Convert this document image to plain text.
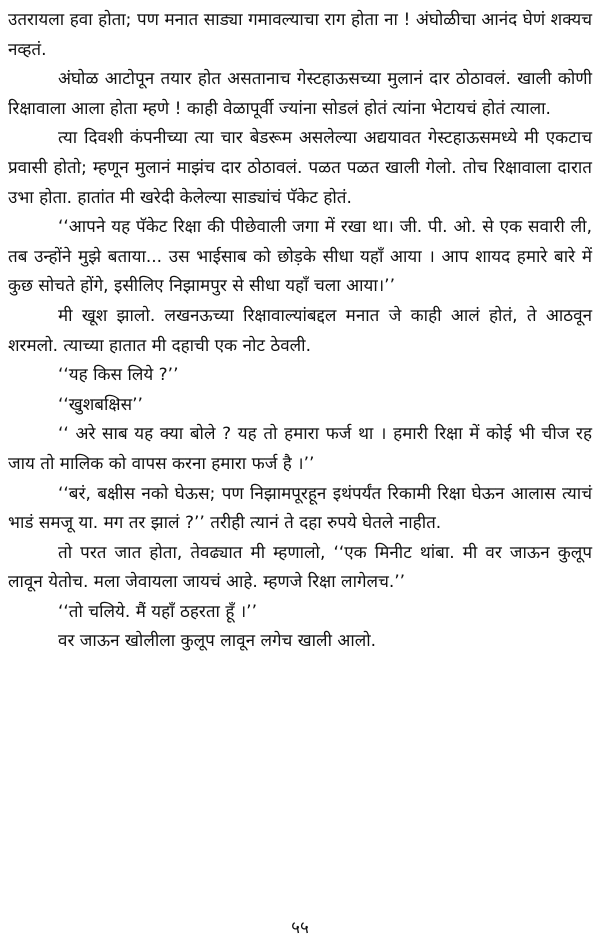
उतरायला हवा होता; पण मनात साड्या गमावल्याचा राग होता ना ! अंघोळीचा आनंद घेणं शक्यच नव्हतं.

अंघोळ आटोपून तयार होत असतानाच गेस्टहाऊसच्या मुलानं दार ठोठावलं. खाली कोणी रिक्षावाला आला होता म्हणे ! काही वेळापूर्वी ज्यांना सोडलं होतं त्यांना भेटायचं होतं त्याला.

त्या दिवशी कंपनीच्या त्या चार बेडरूम असलेल्या अद्ययावत गेस्टहाऊसमध्ये मी एकटाच प्रवासी होतो; म्हणून मुलानं माझंच दार ठोठावलं. पळत पळत खाली गेलो. तोच रिक्षावाला दारात उभा होता. हातांत मी खरेदी केलेल्या साड्यांचं पॅकेट होतं.

‘‘आपने यह पॅकेट रिक्षा की पीछेवाली जगा में रखा था। जी. पी. ओ. से एक सवारी ली, तब उन्होंने मुझे बताया... उस भाईसाब को छोड़के सीधा यहाँ आया । आप शायद हमारे बारे में कुछ सोचते होंगे, इसीलिए निझामपुर से सीधा यहाँ चला आया।’’

मी खूश झालो. लखनऊच्या रिक्षावाल्यांबद्दल मनात जे काही आलं होतं, ते आठवून शरमलो. त्याच्या हातात मी दहाची एक नोट ठेवली.

‘‘यह किस लिये ?’’

‘‘खुशबक्षिस’’

‘‘ अरे साब यह क्या बोले ? यह तो हमारा फर्ज था । हमारी रिक्षा में कोई भी चीज रह जाय तो मालिक को वापस करना हमारा फर्ज है ।’’

‘‘बरं, बक्षीस नको घेऊस; पण निझामपूरहून इथंपर्यंत रिकामी रिक्षा घेऊन आलास त्याचं भाडं समजू या. मग तर झालं ?’’ तरीही त्यानं ते दहा रुपये घेतले नाहीत.

तो परत जात होता, तेवढ्यात मी म्हणालो, ‘‘एक मिनीट थांबा. मी वर जाऊन कुलूप लावून येतोच. मला जेवायला जायचं आहे. म्हणजे रिक्षा लागेलच.’’

‘‘तो चलिये. मैं यहाँ ठहरता हूँ ।’’

वर जाऊन खोलीला कुलूप लावून लगेच खाली आलो.

५५
